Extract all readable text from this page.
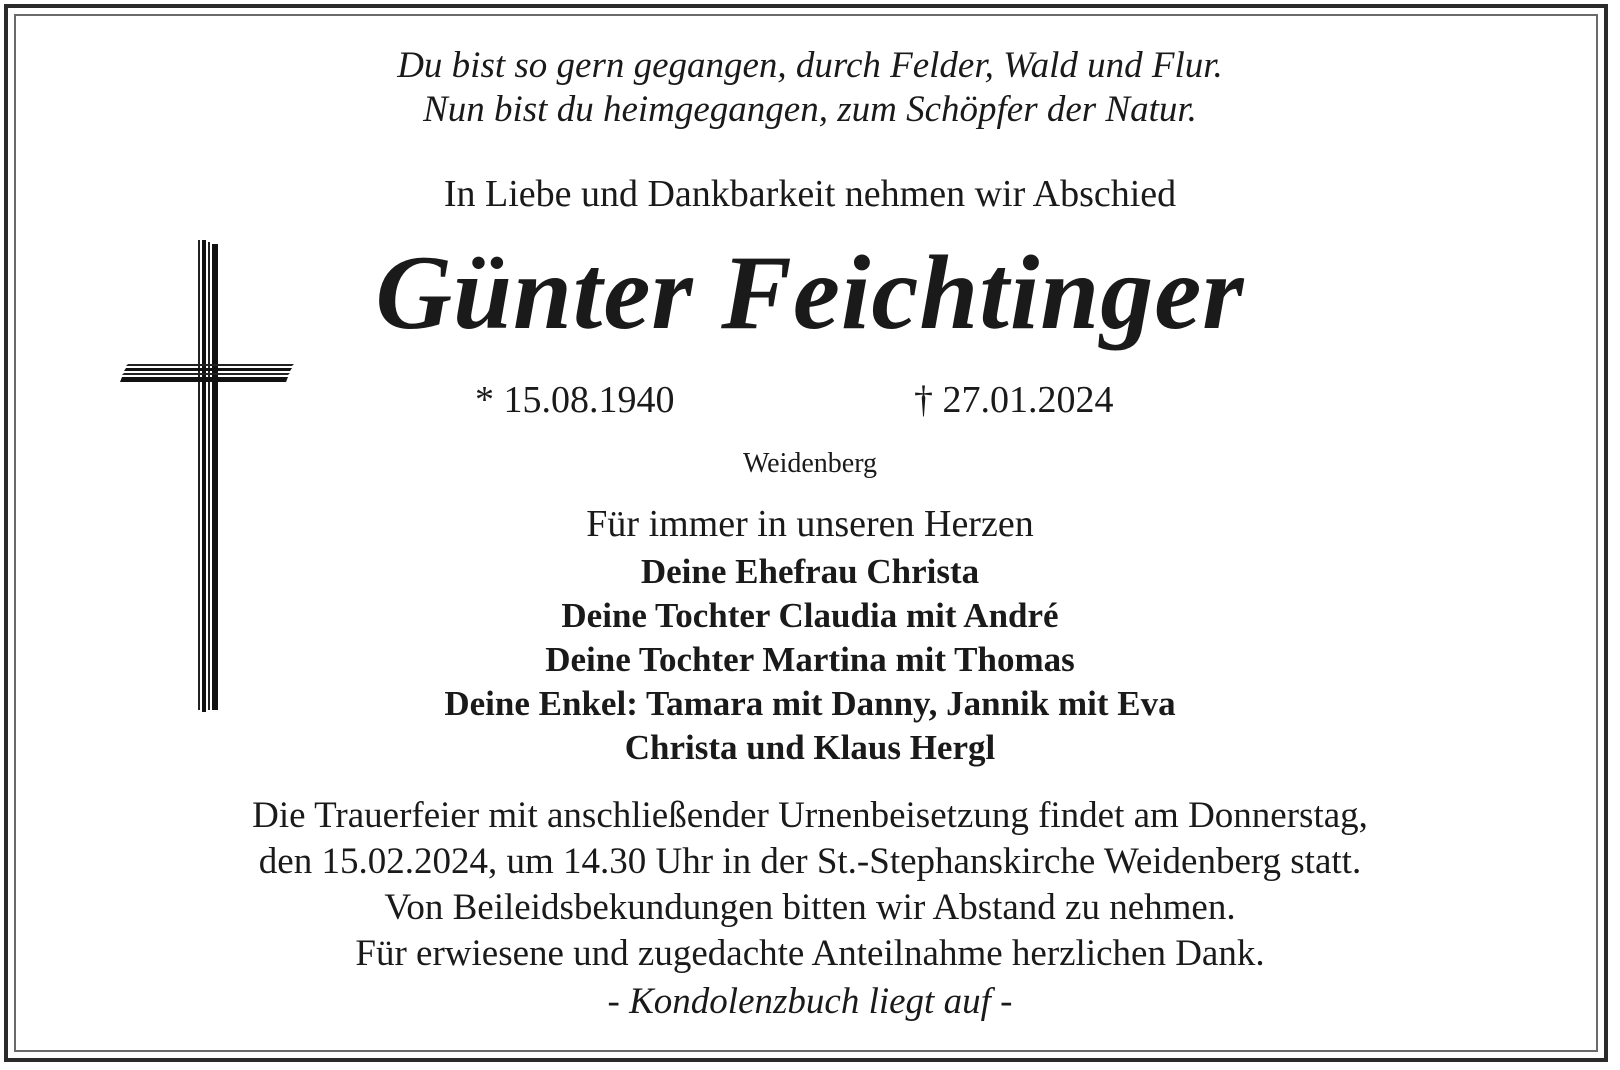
Du bist so gern gegangen, durch Felder, Wald und Flur.
Nun bist du heimgegangen, zum Schöpfer der Natur.
In Liebe und Dankbarkeit nehmen wir Abschied
Günter Feichtinger
* 15.08.1940	† 27.01.2024
Weidenberg
Für immer in unseren Herzen
Deine Ehefrau Christa
Deine Tochter Claudia mit André
Deine Tochter Martina mit Thomas
Deine Enkel: Tamara mit Danny, Jannik mit Eva
Christa und Klaus Hergl
Die Trauerfeier mit anschließender Urnenbeisetzung findet am Donnerstag,
den 15.02.2024, um 14.30 Uhr in der St.-Stephanskirche Weidenberg statt.
Von Beileidsbekundungen bitten wir Abstand zu nehmen.
Für erwiesene und zugedachte Anteilnahme herzlichen Dank.
- Kondolenzbuch liegt auf -
